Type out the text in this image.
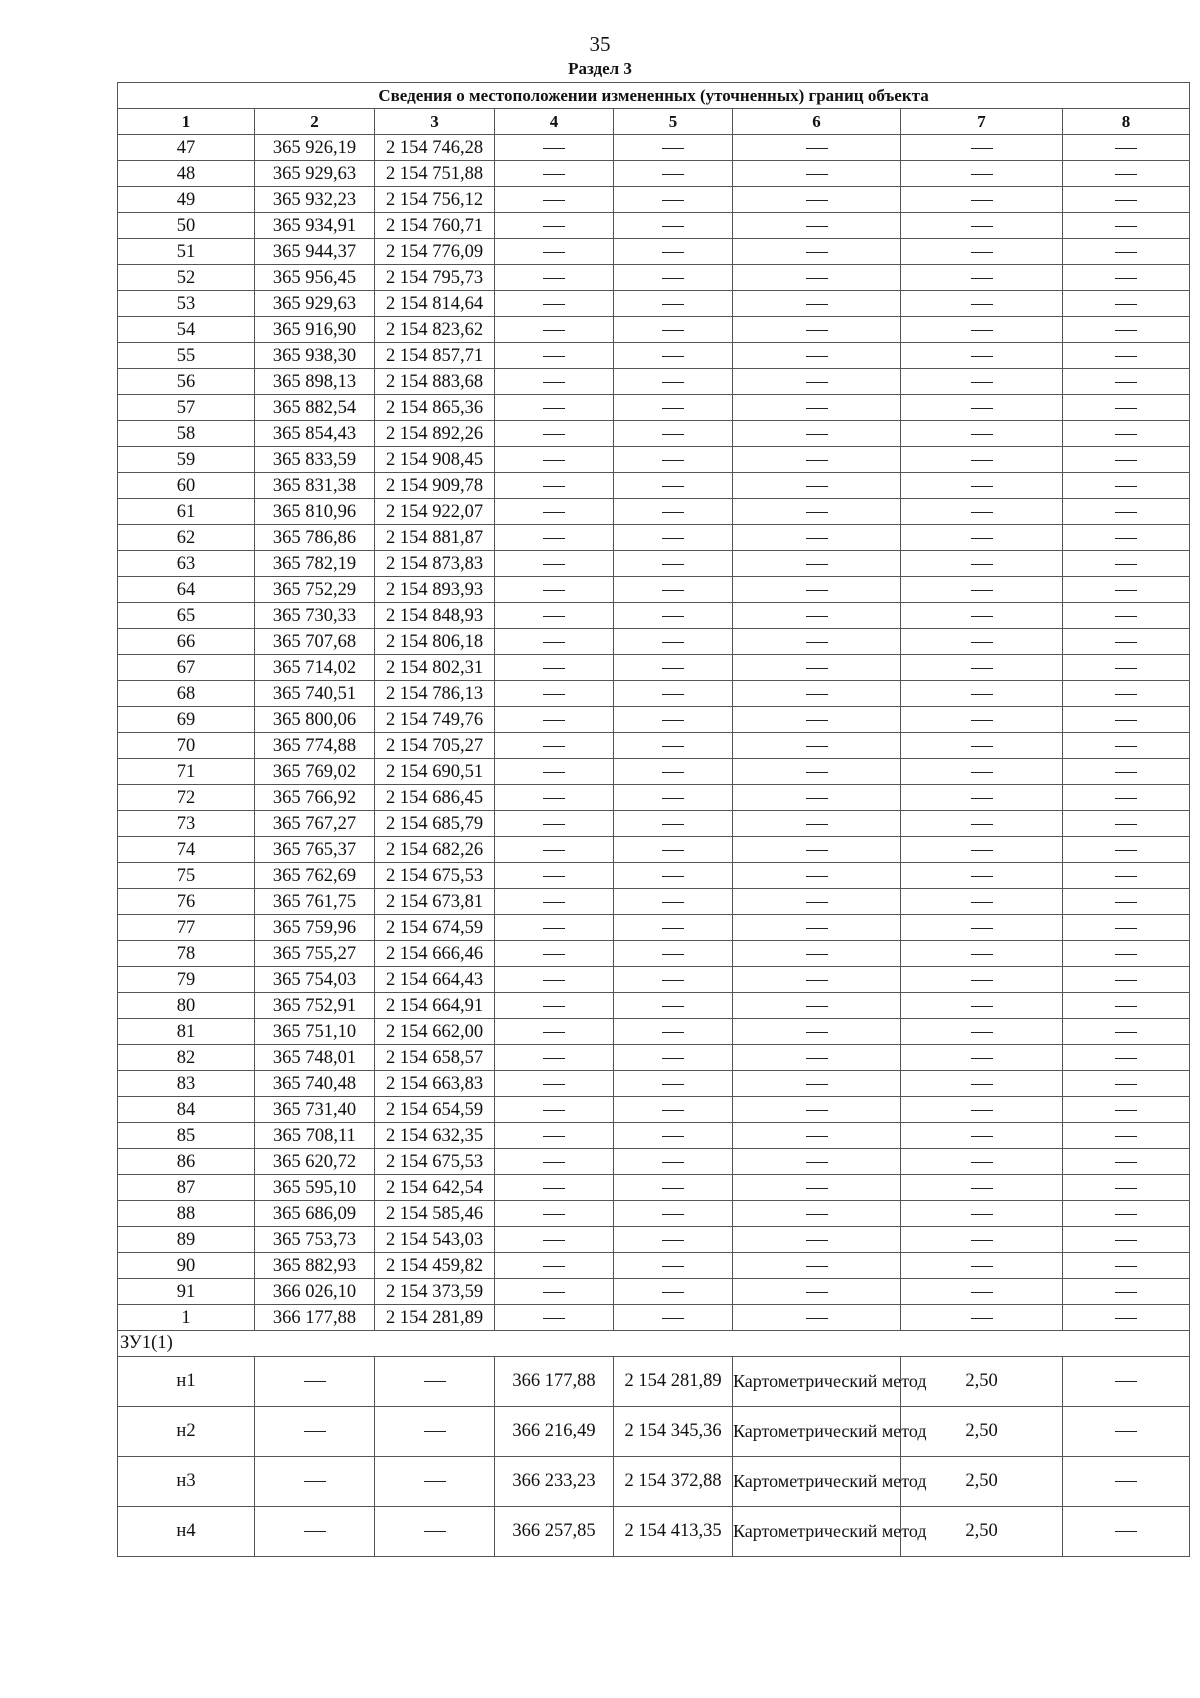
35
Раздел 3
Сведения о местоположении измененных (уточненных) границ объекта							
1	2	3	4	5	6	7	8
47	365 926,19	2 154 746,28					
48	365 929,63	2 154 751,88					
49	365 932,23	2 154 756,12					
50	365 934,91	2 154 760,71					
51	365 944,37	2 154 776,09					
52	365 956,45	2 154 795,73					
53	365 929,63	2 154 814,64					
54	365 916,90	2 154 823,62					
55	365 938,30	2 154 857,71					
56	365 898,13	2 154 883,68					
57	365 882,54	2 154 865,36					
58	365 854,43	2 154 892,26					
59	365 833,59	2 154 908,45					
60	365 831,38	2 154 909,78					
61	365 810,96	2 154 922,07					
62	365 786,86	2 154 881,87					
63	365 782,19	2 154 873,83					
64	365 752,29	2 154 893,93					
65	365 730,33	2 154 848,93					
66	365 707,68	2 154 806,18					
67	365 714,02	2 154 802,31					
68	365 740,51	2 154 786,13					
69	365 800,06	2 154 749,76					
70	365 774,88	2 154 705,27					
71	365 769,02	2 154 690,51					
72	365 766,92	2 154 686,45					
73	365 767,27	2 154 685,79					
74	365 765,37	2 154 682,26					
75	365 762,69	2 154 675,53					
76	365 761,75	2 154 673,81					
77	365 759,96	2 154 674,59					
78	365 755,27	2 154 666,46					
79	365 754,03	2 154 664,43					
80	365 752,91	2 154 664,91					
81	365 751,10	2 154 662,00					
82	365 748,01	2 154 658,57					
83	365 740,48	2 154 663,83					
84	365 731,40	2 154 654,59					
85	365 708,11	2 154 632,35					
86	365 620,72	2 154 675,53					
87	365 595,10	2 154 642,54					
88	365 686,09	2 154 585,46					
89	365 753,73	2 154 543,03					
90	365 882,93	2 154 459,82					
91	366 026,10	2 154 373,59					
1	366 177,88	2 154 281,89					
ЗУ1(1)							
н1			366 177,88	2 154 281,89	Картометрический метод	2,50	
н2			366 216,49	2 154 345,36	Картометрический метод	2,50	
н3			366 233,23	2 154 372,88	Картометрический метод	2,50	
н4			366 257,85	2 154 413,35	Картометрический метод	2,50	
